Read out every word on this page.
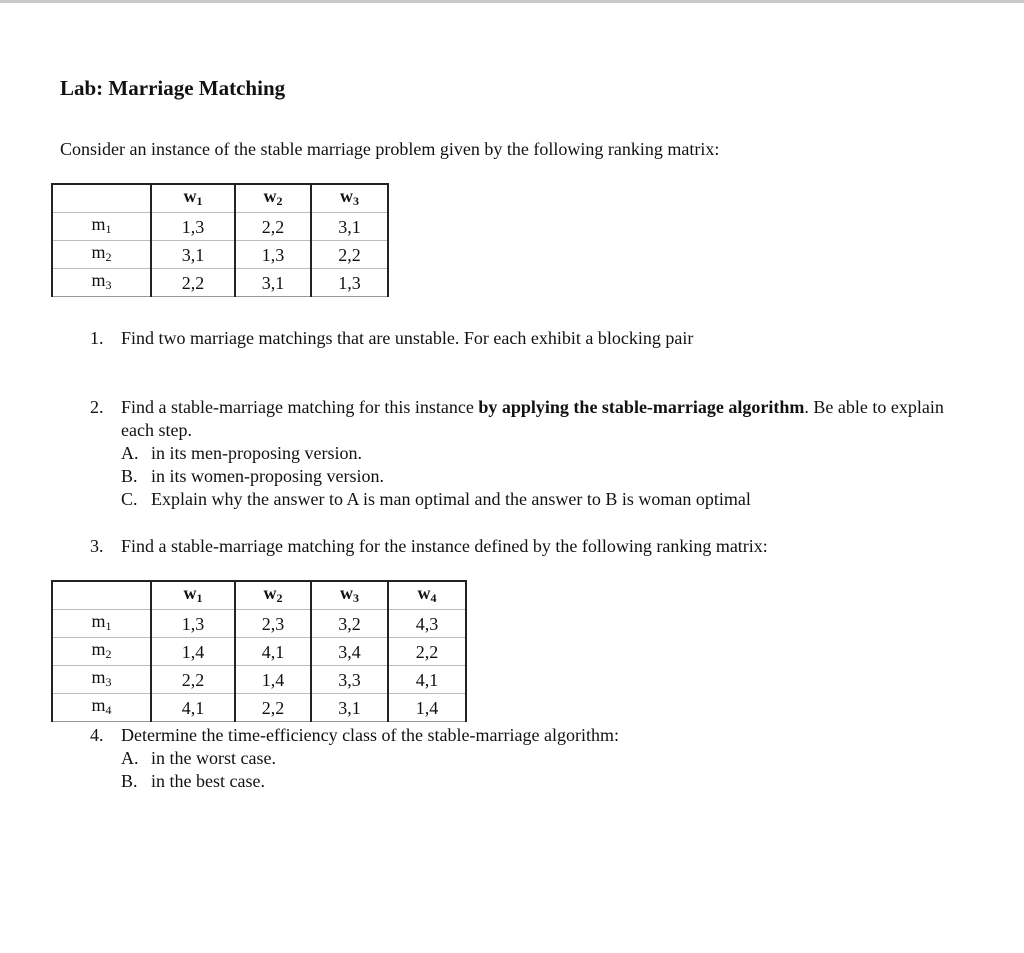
Lab: Marriage Matching
Consider an instance of the stable marriage problem given by the following ranking matrix:
	$w_1$	$w_2$	$w_3$
$m_1$	1,3	2,2	3,1
$m_2$	3,1	1,3	2,2
$m_3$	2,2	3,1	1,3
1. Find two marriage matchings that are unstable. For each exhibit a blocking pair
2. Find a stable-marriage matching for this instance by applying the stable-marriage algorithm. Be able to explain each step.
A. in its men-proposing version.
B. in its women-proposing version.
C. Explain why the answer to A is man optimal and the answer to B is woman optimal
3. Find a stable-marriage matching for the instance defined by the following ranking matrix:
	$w_1$	$w_2$	$w_3$	$w_4$
$m_1$	1,3	2,3	3,2	4,3
$m_2$	1,4	4,1	3,4	2,2
$m_3$	2,2	1,4	3,3	4,1
$m_4$	4,1	2,2	3,1	1,4
4. Determine the time-efficiency class of the stable-marriage algorithm:
A. in the worst case.
B. in the best case.
